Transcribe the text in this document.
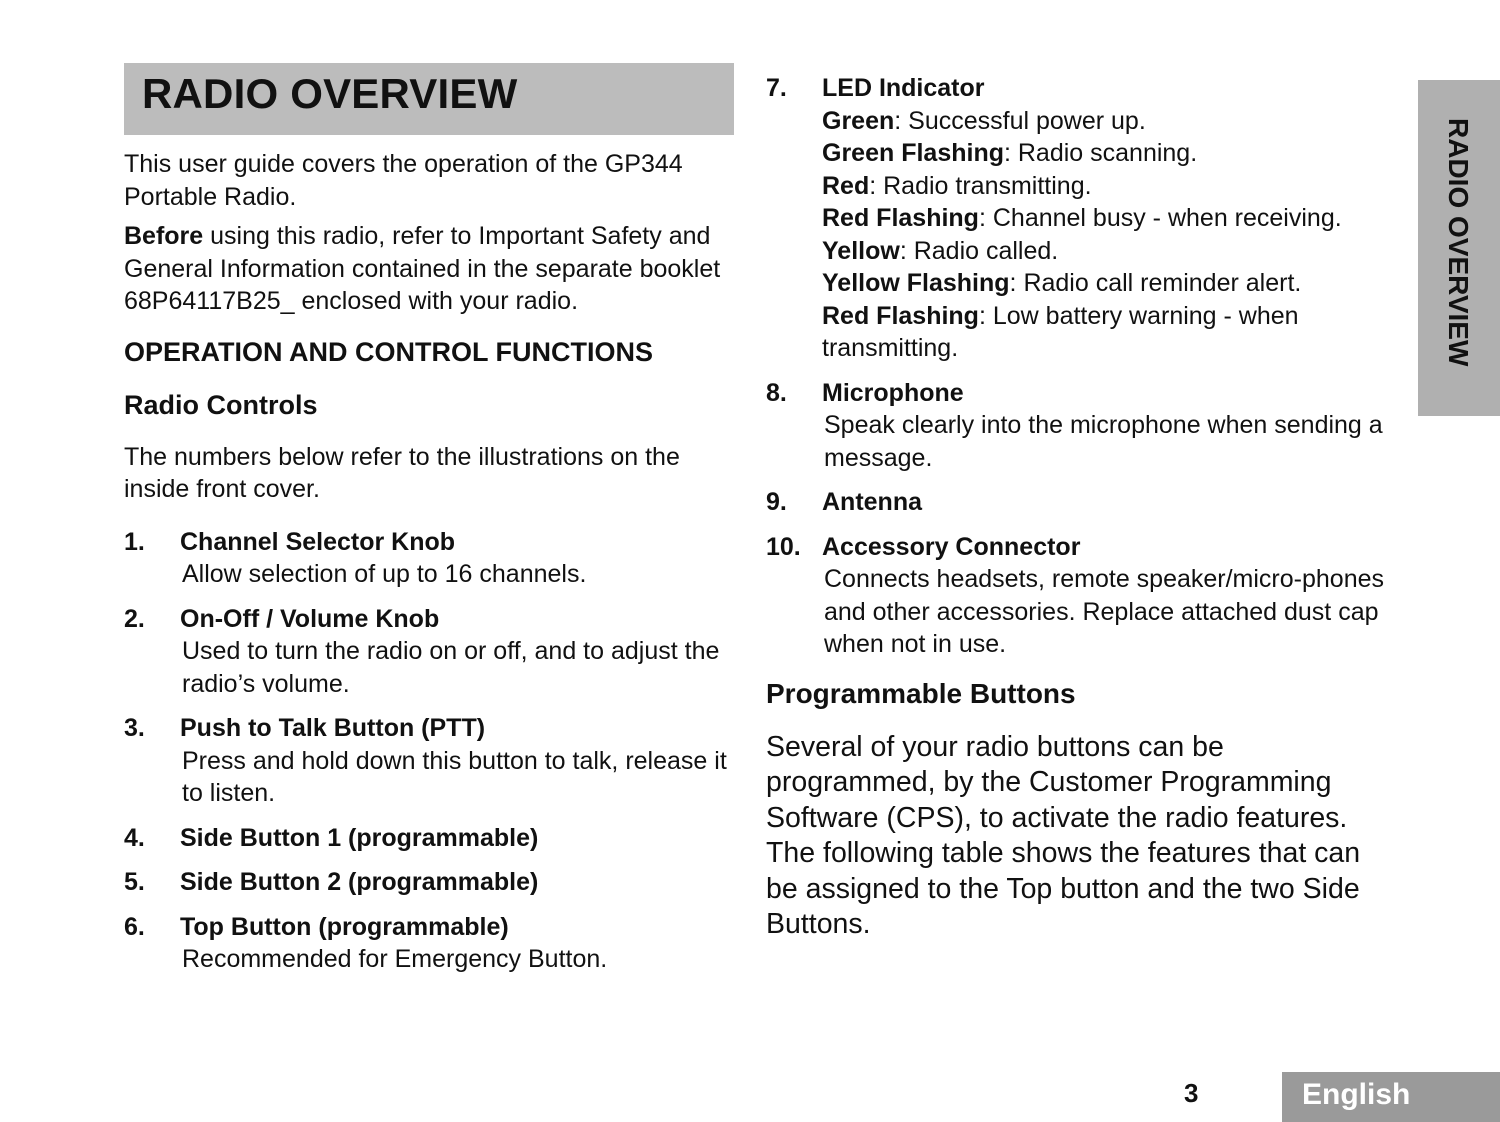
RADIO OVERVIEW
RADIO OVERVIEW

This user guide covers the operation of the GP344 Portable Radio.

Before using this radio, refer to Important Safety and General Information contained in the separate booklet 68P64117B25_ enclosed with your radio.

OPERATION AND CONTROL FUNCTIONS
Radio Controls

The numbers below refer to the illustrations on the inside front cover.

1.	Channel Selector Knob
Allow selection of up to 16 channels.
2.	On-Off / Volume Knob
Used to turn the radio on or off, and to adjust the radio’s volume.
3.	Push to Talk Button (PTT)
Press and hold down this button to talk, release it to listen.
4.	Side Button 1 (programmable)
5.	Side Button 2 (programmable)
6.	Top Button (programmable)
Recommended for Emergency Button.
7.	LED Indicator
Green: Successful power up.
Green Flashing: Radio scanning.
Red: Radio transmitting.
Red Flashing: Channel busy - when receiving.
Yellow: Radio called.
Yellow Flashing: Radio call reminder alert.
Red Flashing: Low battery warning - when transmitting.
8.	Microphone
Speak clearly into the microphone when sending a message.
9.	Antenna
10. Accessory Connector
Connects headsets, remote speaker/micro-phones and other accessories. Replace attached dust cap when not in use.
Programmable Buttons

Several of your radio buttons can be programmed, by the Customer Programming Software (CPS), to activate the radio features. The following table shows the features that can be assigned to the Top button and the two Side Buttons.

3	English
